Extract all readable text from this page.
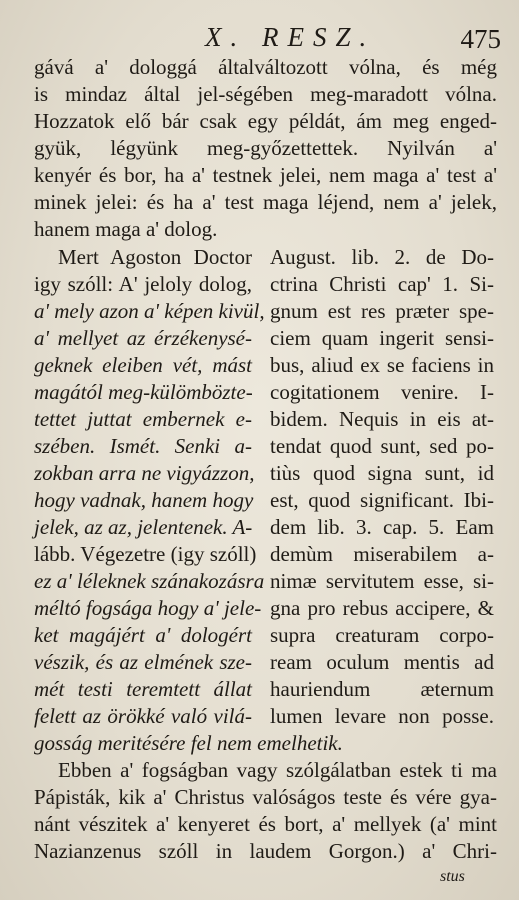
X. RESZ.	475
gává a' dologgá általváltozott vólna, és még
is mindaz által jel-ségében meg-maradott vólna.
Hozzatok elő bár csak egy példát, ám meg enged-
gyük, légyünk meg-győzettettek. Nyilván a'
kenyér és bor, ha a' testnek jelei, nem maga a' test a'
minek jelei: és ha a' test maga léjend, nem a' jelek,
hanem maga a' dolog.
Mert Agoston Doctor
igy szóll: A' jeloly dolog,
a' mely azon a' képen kivül,
a' mellyet az érzékenysé-
geknek eleiben vét, mást
magától meg-külömbözte-
tettet juttat embernek e-
szében. Ismét. Senki a-
zokban arra ne vigyázzon,
hogy vadnak, hanem hogy
jelek, az az, jelentenek. A-
lább. Végezetre (igy szóll)
ez a' léleknek szánakozásra
méltó fogsága hogy a' jele-
ket magájért a' dologért
vészik, és az elmének sze-
mét testi teremtett állat
felett az örökké való vilá-
August. lib. 2. de Do-
ctrina Christi cap' 1. Si-
gnum est res præter spe-
ciem quam ingerit sensi-
bus, aliud ex se faciens in
cogitationem venire. I-
bidem. Nequis in eis at-
tendat quod sunt, sed po-
tiùs quod signa sunt, id
est, quod significant. Ibi-
dem lib. 3. cap. 5. Eam
demùm miserabilem a-
nimæ servitutem esse, si-
gna pro rebus accipere, &
supra creaturam corpo-
ream oculum mentis ad
hauriendum æternum
lumen levare non posse.
gosság meritésére fel nem emelhetik.
Ebben a' fogságban vagy szólgálatban estek ti ma
Pápisták, kik a' Christus valóságos teste és vére gya-
nánt vészitek a' kenyeret és bort, a' mellyek (a' mint
Nazianzenus szóll in laudem Gorgon.) a' Chri-
stus
